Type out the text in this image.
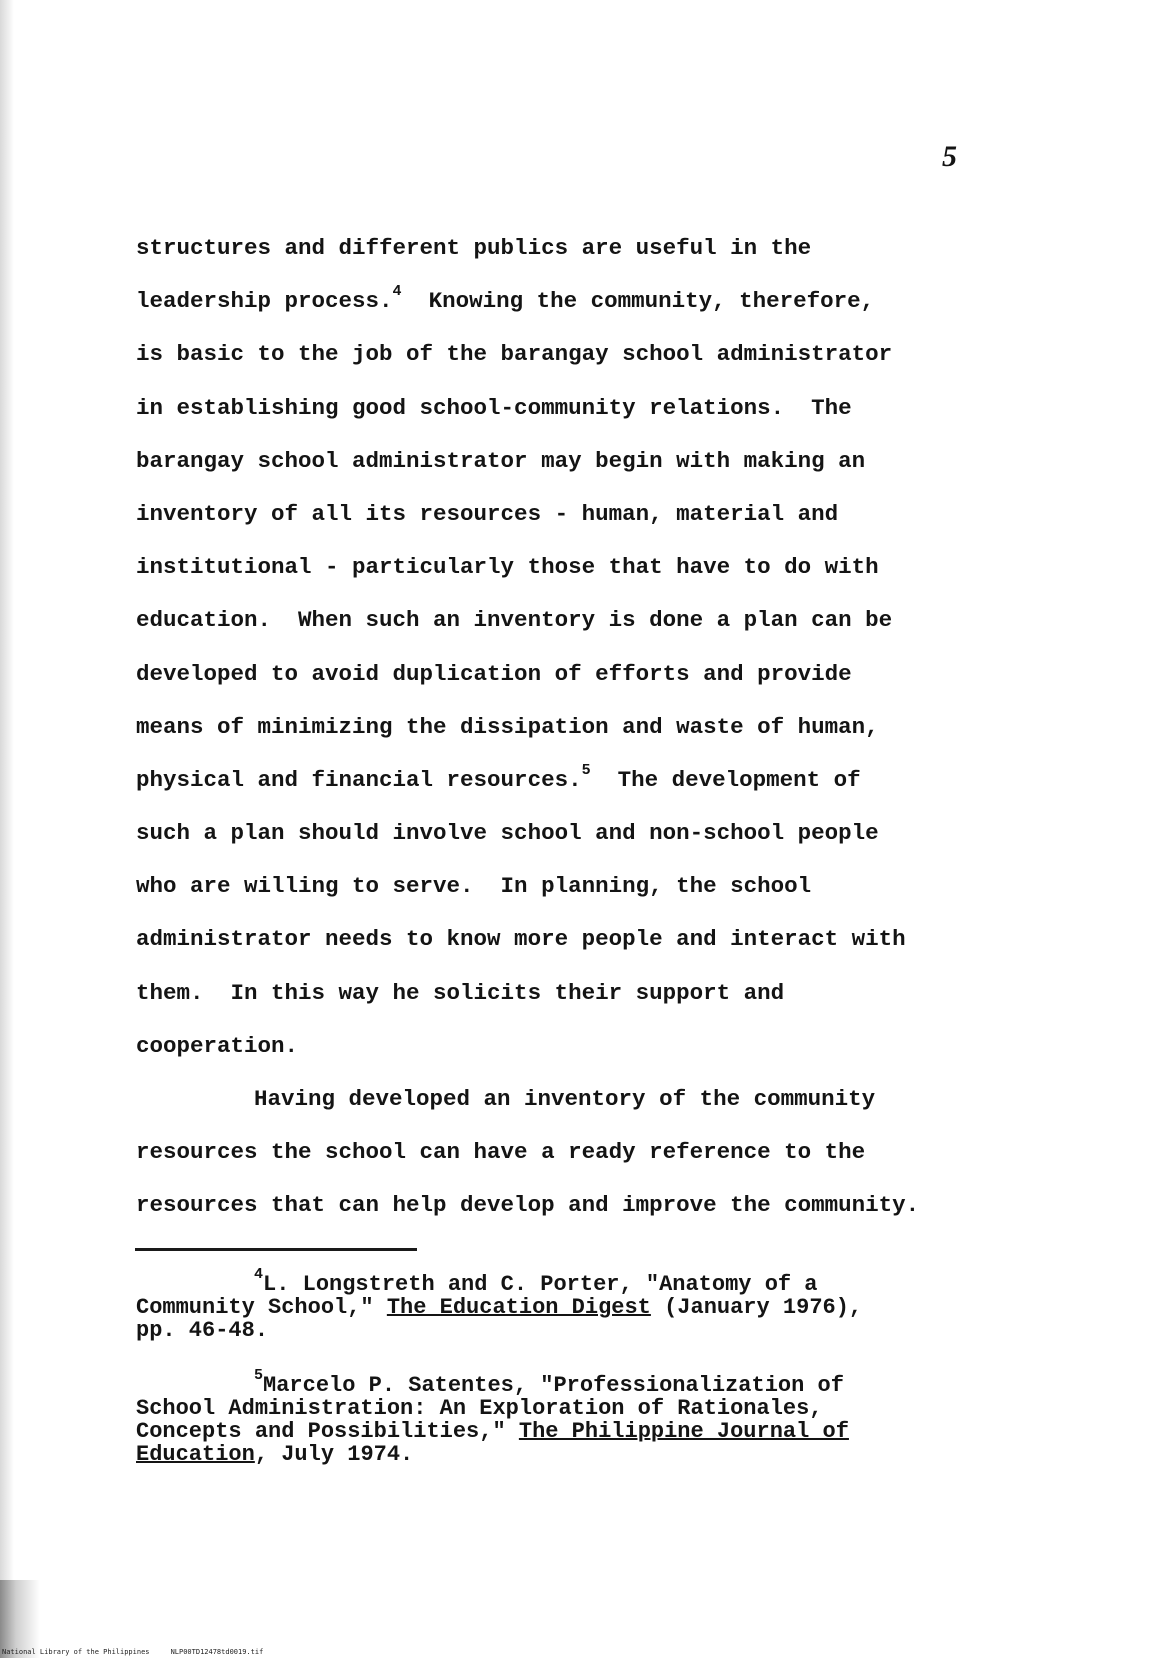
5
structures and different publics are useful in the
leadership process.$^4$  Knowing the community, therefore,
is basic to the job of the barangay school administrator
in establishing good school-community relations.  The
barangay school administrator may begin with making an
inventory of all its resources - human, material and
institutional - particularly those that have to do with
education.  When such an inventory is done a plan can be
developed to avoid duplication of efforts and provide
means of minimizing the dissipation and waste of human,
physical and financial resources.$^5$  The development of
such a plan should involve school and non-school people
who are willing to serve.  In planning, the school
administrator needs to know more people and interact with
them.  In this way he solicits their support and
cooperation.
Having developed an inventory of the community
resources the school can have a ready reference to the
resources that can help develop and improve the community.
$^4$L. Longstreth and C. Porter, "Anatomy of a
Community School," The Education Digest (January 1976),
pp. 46-48.
$^5$Marcelo P. Satentes, "Professionalization of
School Administration: An Exploration of Rationales,
Concepts and Possibilities," The Philippine Journal of
Education, July 1974.
National Library of the Philippines     NLP00TD12478td0019.tif
